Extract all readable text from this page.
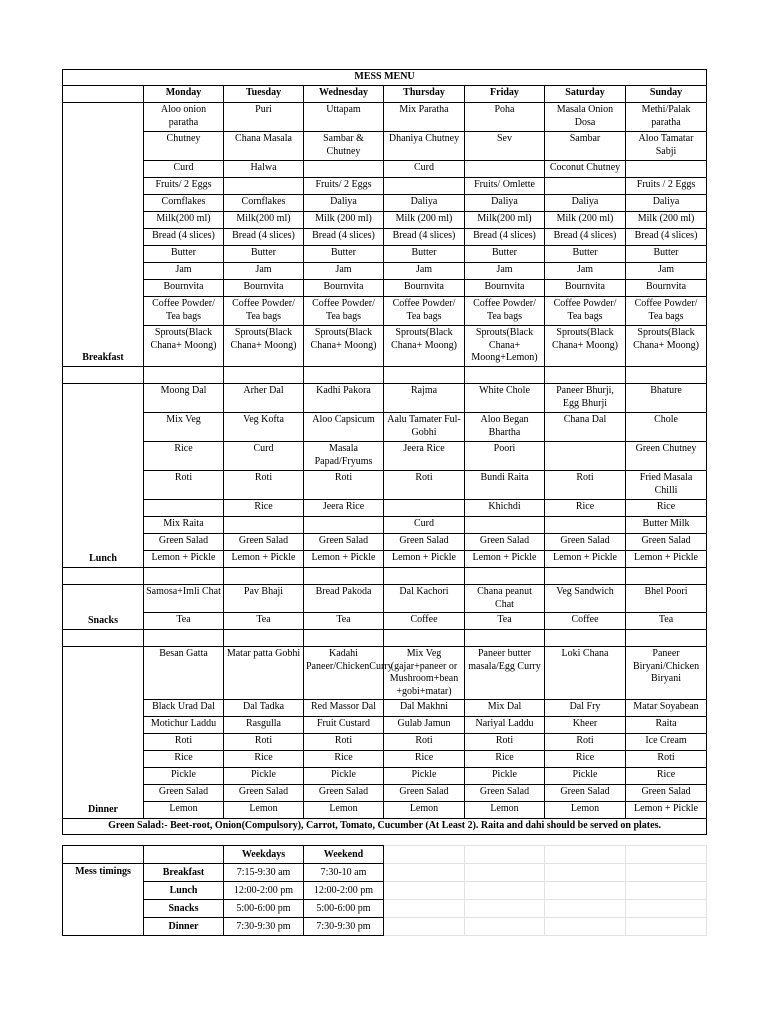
MESS MENU							
	Monday	Tuesday	Wednesday	Thursday	Friday	Saturday	Sunday
Breakfast	Aloo onion paratha	Puri	Uttapam	Mix Paratha	Poha	Masala Onion Dosa	Methi/Palak paratha
	Chutney	Chana Masala	Sambar & Chutney	Dhaniya Chutney	Sev	Sambar	Aloo Tamatar Sabji
	Curd	Halwa		Curd		Coconut Chutney	
	Fruits/ 2 Eggs		Fruits/ 2 Eggs		Fruits/ Omlette		Fruits / 2 Eggs
	Cornflakes	Cornflakes	Daliya	Daliya	Daliya	Daliya	Daliya
	Milk(200 ml)	Milk(200 ml)	Milk (200 ml)	Milk (200 ml)	Milk(200 ml)	Milk (200 ml)	Milk (200 ml)
	Bread (4 slices)	Bread (4 slices)	Bread (4 slices)	Bread (4 slices)	Bread (4 slices)	Bread (4 slices)	Bread (4 slices)
	Butter	Butter	Butter	Butter	Butter	Butter	Butter
	Jam	Jam	Jam	Jam	Jam	Jam	Jam
	Bournvita	Bournvita	Bournvita	Bournvita	Bournvita	Bournvita	Bournvita
	Coffee Powder/ Tea bags	Coffee Powder/ Tea bags	Coffee Powder/ Tea bags	Coffee Powder/ Tea bags	Coffee Powder/ Tea bags	Coffee Powder/ Tea bags	Coffee Powder/ Tea bags
	Sprouts(Black Chana+ Moong)	Sprouts(Black Chana+ Moong)	Sprouts(Black Chana+ Moong)	Sprouts(Black Chana+ Moong)	Sprouts(Black Chana+ Moong+Lemon)	Sprouts(Black Chana+ Moong)	Sprouts(Black Chana+ Moong)

Lunch	Moong Dal	Arher Dal	Kadhi Pakora	Rajma	White Chole	Paneer Bhurji, Egg Bhurji	Bhature
	Mix Veg	Veg Kofta	Aloo Capsicum	Aalu Tamater Ful-Gobhi	Aloo Began Bhartha	Chana Dal	Chole
	Rice	Curd	Masala Papad/Fryums	Jeera Rice	Poori		Green Chutney
	Roti	Roti	Roti	Roti	Bundi Raita	Roti	Fried Masala Chilli
		Rice	Jeera Rice		Khichdi	Rice	Rice
	Mix Raita			Curd			Butter Milk
	Green Salad	Green Salad	Green Salad	Green Salad	Green Salad	Green Salad	Green Salad
	Lemon + Pickle	Lemon + Pickle	Lemon + Pickle	Lemon + Pickle	Lemon + Pickle	Lemon + Pickle	Lemon + Pickle

Snacks	Samosa+Imli Chat	Pav Bhaji	Bread Pakoda	Dal Kachori	Chana peanut Chat	Veg Sandwich	Bhel Poori
	Tea	Tea	Tea	Coffee	Tea	Coffee	Tea

Dinner	Besan Gatta	Matar patta Gobhi	Kadahi Paneer/ChickenCurry	Mix Veg (gajar+paneer or Mushroom+bean +gobi+matar)	Paneer butter masala/Egg Curry	Loki Chana	Paneer Biryani/Chicken Biryani
	Black Urad Dal	Dal Tadka	Red Massor Dal	Dal Makhni	Mix Dal	Dal Fry	Matar Soyabean
	Motichur Laddu	Rasgulla	Fruit Custard	Gulab Jamun	Nariyal Laddu	Kheer	Raita
	Roti	Roti	Roti	Roti	Roti	Roti	Ice Cream
	Rice	Rice	Rice	Rice	Rice	Rice	Roti
	Pickle	Pickle	Pickle	Pickle	Pickle	Pickle	Rice
	Green Salad	Green Salad	Green Salad	Green Salad	Green Salad	Green Salad	Green Salad
	Lemon	Lemon	Lemon	Lemon	Lemon	Lemon	Lemon + Pickle
Green Salad:- Beet-root, Onion(Compulsory), Carrot, Tomato, Cucumber (At Least 2). Raita and dahi should be served on plates.							
		Weekdays	Weekend				
Mess timings	Breakfast	7:15-9:30 am	7:30-10 am				
	Lunch	12:00-2:00 pm	12:00-2:00 pm				
	Snacks	5:00-6:00 pm	5:00-6:00 pm				
	Dinner	7:30-9:30 pm	7:30-9:30 pm				
